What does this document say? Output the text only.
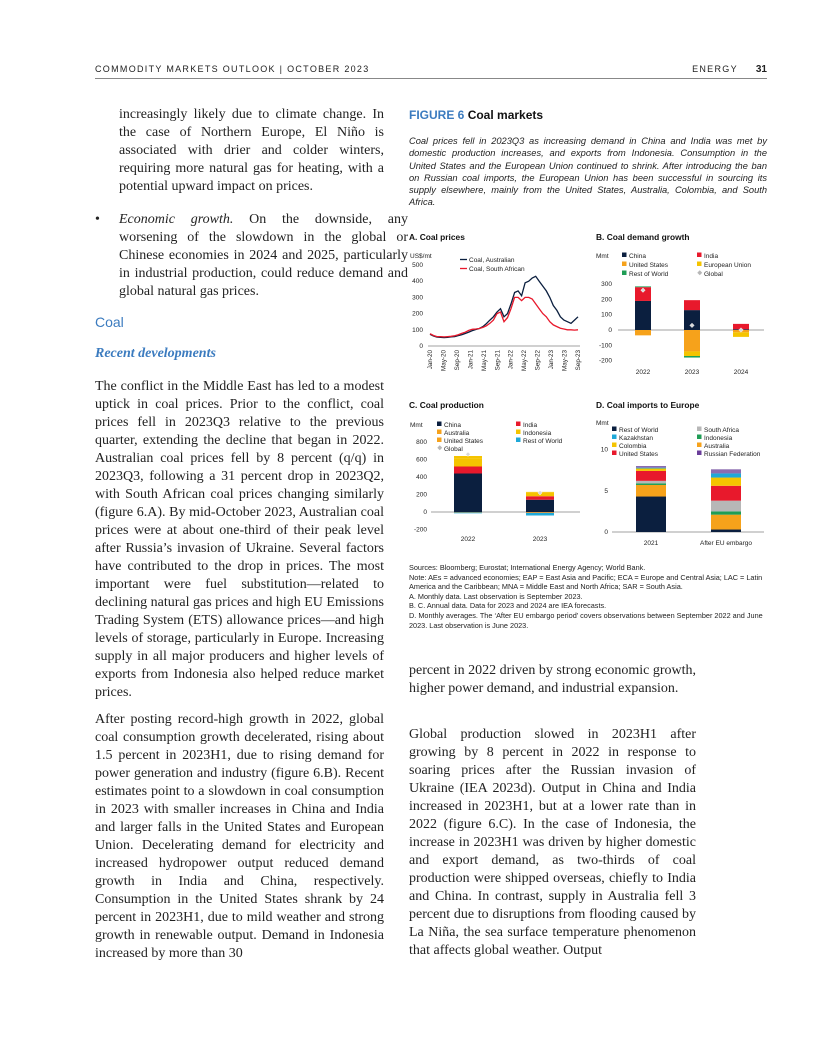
COMMODITY MARKETS OUTLOOK | OCTOBER 2023	ENERGY 31

increasingly likely due to climate change. In the case of Northern Europe, El Niño is associated with drier and colder winters, requiring more natural gas for heating, with a potential upward impact on prices.

• Economic growth. On the downside, any worsening of the slowdown in the global or Chinese economies in 2024 and 2025, particularly in industrial production, could reduce demand and global natural gas prices.
Coal
Recent developments

The conflict in the Middle East has led to a modest uptick in coal prices. Prior to the conflict, coal prices fell in 2023Q3 relative to the previous quarter, extending the decline that began in 2022. Australian coal prices fell by 8 percent (q/q) in 2023Q3, following a 31 percent drop in 2023Q2, with South African coal prices changing similarly (figure 6.A). By mid-October 2023, Australian coal prices were at about one-third of their peak level after Russia’s invasion of Ukraine. Several factors have contributed to the drop in prices. The most important were fuel substitution—related to declining natural gas prices and high EU Emissions Trading System (ETS) allowance prices—and high levels of storage, particularly in Europe. Increasing supply in all major producers and higher levels of exports from Indonesia also helped reduce market prices.

After posting record-high growth in 2022, global coal consumption growth decelerated, rising about 1.5 percent in 2023H1, due to rising demand for power generation and industry (figure 6.B). Recent estimates point to a slowdown in coal consumption in 2023 with smaller increases in China and India and larger falls in the United States and European Union. Decelerating demand for electricity and increased hydropower output reduced demand growth in India and China, respectively. Consumption in the United States shrank by 24 percent in 2023H1, due to mild weather and strong growth in renewable output. Demand in Indonesia increased by more than 30

FIGURE 6 Coal markets
Coal prices fell in 2023Q3 as increasing demand in China and India was met by domestic production increases, and exports from Indonesia. Consumption in the United States and the European Union continued to shrink. After introducing the ban on Russian coal imports, the European Union has been successful in sourcing its supply elsewhere, mainly from the United States, Australia, Colombia, and South Africa.
A. Coal prices	B. Coal demand growth
C. Coal production	D. Coal imports to Europe
US$/mt
0
100
200
300
400
500
Coal, Australian
Coal, South African
Jan-20 May-20 Sep-20 Jan-21 May-21 Sep-21 Jan-22 May-22 Sep-22 Jan-23 May-23 Sep-23
Mmt	China	India
United States	European Union
Rest of World	Global
-200
-100
0
100
200
300
2022	2023	2024
Mmt	China	India
Australia	Indonesia
United States	Rest of World
Global
-200
0
200
400
600
800
2022	2023
Mmt
Rest of World	South Africa
Kazakhstan	Indonesia
Colombia	Australia
United States	Russian Federation
0
5
10
2021	After EU embargo
Sources: Bloomberg; Eurostat; International Energy Agency; World Bank.
Note: AEs = advanced economies; EAP = East Asia and Pacific; ECA = Europe and Central Asia; LAC = Latin America and the Caribbean; MNA = Middle East and North Africa; SAR = South Asia.
A. Monthly data. Last observation is September 2023.
B. C. Annual data. Data for 2023 and 2024 are IEA forecasts.
D. Monthly averages. The ‘After EU embargo period’ covers observations between September 2022 and June 2023. Last observation is June 2023.

percent in 2022 driven by strong economic growth, higher power demand, and industrial expansion.

Global production slowed in 2023H1 after growing by 8 percent in 2022 in response to soaring prices after the Russian invasion of Ukraine (IEA 2023d). Output in China and India increased in 2023H1, but at a lower rate than in 2022 (figure 6.C). In the case of Indonesia, the increase in 2023H1 was driven by higher domestic and export demand, as two-thirds of coal production were shipped overseas, chiefly to India and China. In contrast, supply in Australia fell 3 percent due to disruptions from flooding caused by La Niña, the sea surface temperature phenomenon that affects global weather. Output
